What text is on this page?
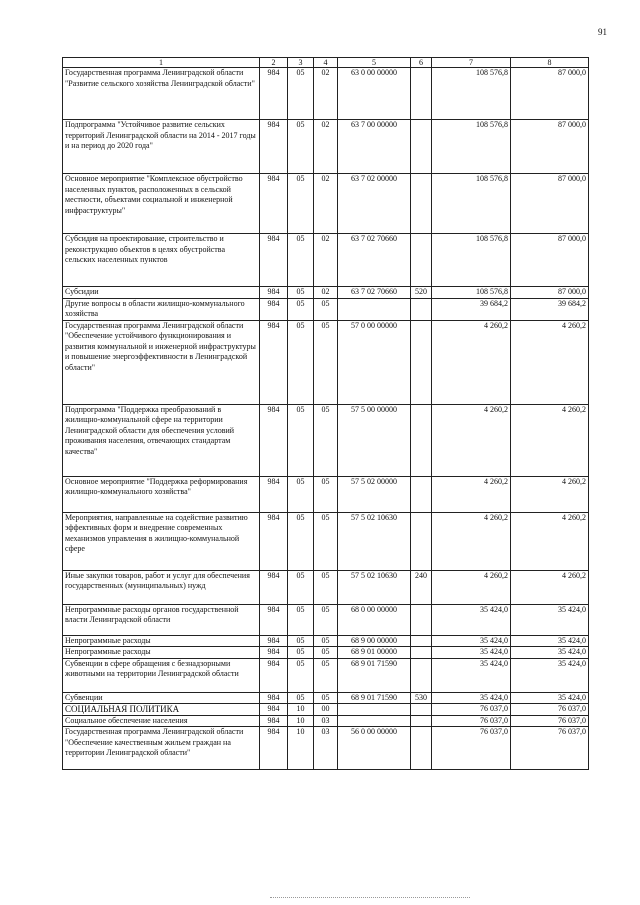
91
1	2	3	4	5	6	7	8
Государственная программа Ленинградской области "Развитие сельского хозяйства Ленинградской области"	984	05	02	63 0 00 00000		108 576,8	87 000,0
Подпрограмма "Устойчивое развитие сельских территорий Ленинградской области на 2014 - 2017 годы и на период до 2020 года"	984	05	02	63 7 00 00000		108 576,8	87 000,0
Основное мероприятие "Комплексное обустройство населенных пунктов, расположенных в сельской местности, объектами социальной и инженерной инфраструктуры"	984	05	02	63 7 02 00000		108 576,8	87 000,0
Субсидия на проектирование, строительство и реконструкцию объектов в целях обустройства сельских населенных пунктов	984	05	02	63 7 02 70660		108 576,8	87 000,0
Субсидии	984	05	02	63 7 02 70660	520	108 576,8	87 000,0
Другие вопросы в области жилищно-коммунального хозяйства	984	05	05			39 684,2	39 684,2
Государственная программа Ленинградской области "Обеспечение устойчивого функционирования и развития коммунальной и инженерной инфраструктуры и повышение энергоэффективности в Ленинградской области"	984	05	05	57 0 00 00000		4 260,2	4 260,2
Подпрограмма "Поддержка преобразований в жилищно-коммунальной сфере на территории Ленинградской области для обеспечения условий проживания населения, отвечающих стандартам качества"	984	05	05	57 5 00 00000		4 260,2	4 260,2
Основное мероприятие "Поддержка реформирования жилищно-коммунального хозяйства"	984	05	05	57 5 02 00000		4 260,2	4 260,2
Мероприятия, направленные на содействие развитию эффективных форм и внедрение современных механизмов управления в жилищно-коммунальной сфере	984	05	05	57 5 02 10630		4 260,2	4 260,2
Иные закупки товаров, работ и услуг для обеспечения государственных (муниципальных) нужд	984	05	05	57 5 02 10630	240	4 260,2	4 260,2
Непрограммные расходы органов государственной власти Ленинградской области	984	05	05	68 0 00 00000		35 424,0	35 424,0
Непрограммные расходы	984	05	05	68 9 00 00000		35 424,0	35 424,0
Непрограммные расходы	984	05	05	68 9 01 00000		35 424,0	35 424,0
Субвенции в сфере обращения с безнадзорными животными на территории Ленинградской области	984	05	05	68 9 01 71590		35 424,0	35 424,0
Субвенции	984	05	05	68 9 01 71590	530	35 424,0	35 424,0
СОЦИАЛЬНАЯ ПОЛИТИКА	984	10	00			76 037,0	76 037,0
Социальное обеспечение населения	984	10	03			76 037,0	76 037,0
Государственная программа Ленинградской области "Обеспечение качественным жильем граждан на территории Ленинградской области"	984	10	03	56 0 00 00000		76 037,0	76 037,0
